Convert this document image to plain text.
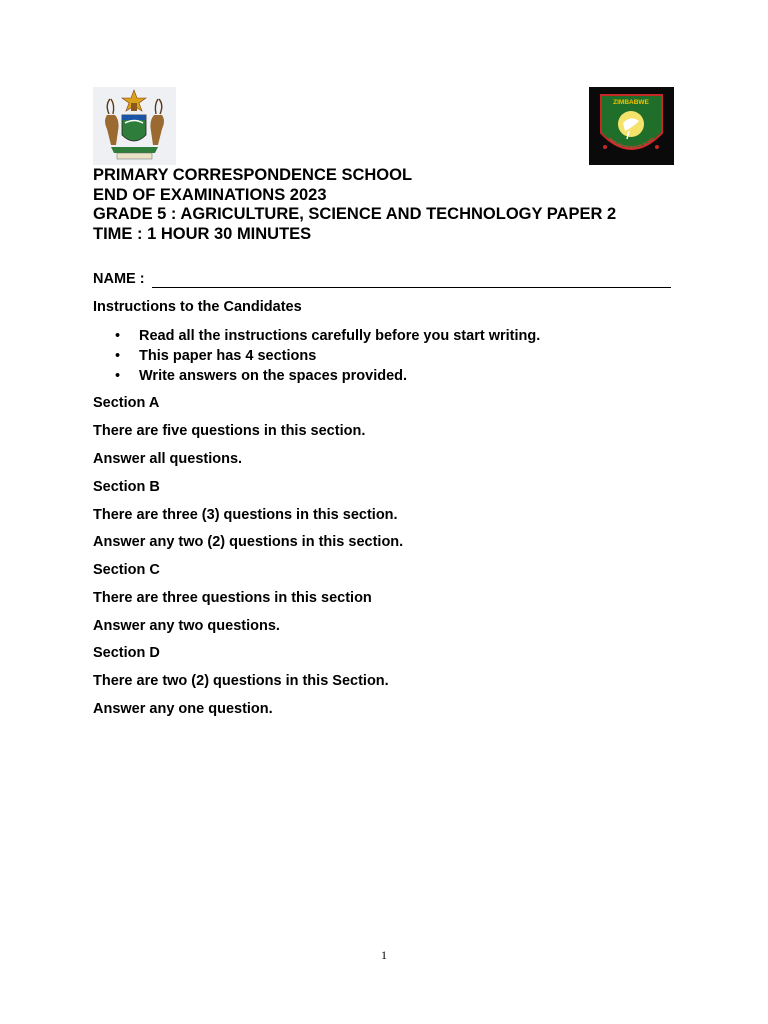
ZIMBABWE
RRESPONDENCE SCHO
PRIMARY CORRESPONDENCE SCHOOL
END OF EXAMINATIONS 2023
GRADE 5 : AGRICULTURE, SCIENCE AND TECHNOLOGY PAPER 2
TIME : 1 HOUR 30 MINUTES
NAME :
Instructions to the Candidates
• Read all the instructions carefully before you start writing.
• This paper has 4 sections
• Write answers on the spaces provided.
Section A
There are five questions in this section.
Answer all questions.
Section B
There are three (3) questions in this section.
Answer any two (2) questions in this section.
Section C
There are three questions in this section
Answer any two questions.
Section D
There are two (2) questions in this Section.
Answer any one question.
1
